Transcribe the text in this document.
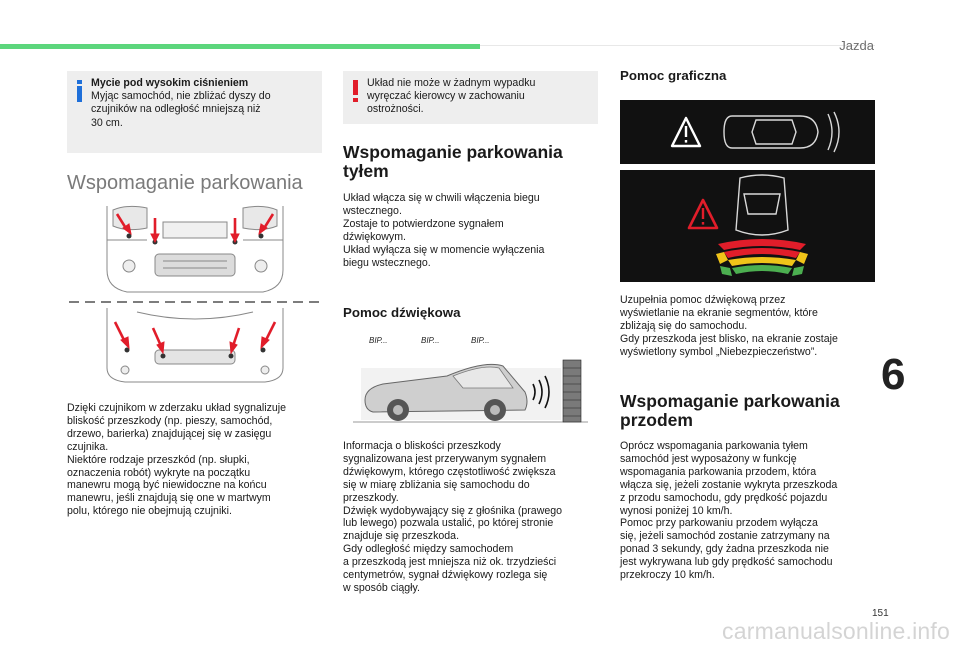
Jazda
Mycie pod wysokim ciśnieniem
Myjąc samochód, nie zbliżać dyszy do
czujników na odległość mniejszą niż
30 cm.
Wspomaganie parkowania
Dzięki czujnikom w zderzaku układ sygnalizuje
bliskość przeszkody (np. pieszy, samochód,
drzewo, barierka) znajdującej się w zasięgu
czujnika.
Niektóre rodzaje przeszkód (np. słupki,
oznaczenia robót) wykryte na początku
manewru mogą być niewidoczne na końcu
manewru, jeśli znajdują się one w martwym
polu, którego nie obejmują czujniki.
Układ nie może w żadnym wypadku
wyręczać kierowcy w zachowaniu
ostrożności.
Wspomaganie parkowania
tyłem
Układ włącza się w chwili włączenia biegu
wstecznego.
Zostaje to potwierdzone sygnałem
dźwiękowym.
Układ wyłącza się w momencie wyłączenia
biegu wstecznego.
Pomoc dźwiękowa
BIP...	BIP...	BIP...
Informacja o bliskości przeszkody
sygnalizowana jest przerywanym sygnałem
dźwiękowym, którego częstotliwość zwiększa
się w miarę zbliżania się samochodu do
przeszkody.
Dźwięk wydobywający się z głośnika (prawego
lub lewego) pozwala ustalić, po której stronie
znajduje się przeszkoda.
Gdy odległość między samochodem
a przeszkodą jest mniejsza niż ok. trzydzieści
centymetrów, sygnał dźwiękowy rozlega się
w sposób ciągły.
Pomoc graficzna
Uzupełnia pomoc dźwiękową przez
wyświetlanie na ekranie segmentów, które
zbliżają się do samochodu.
Gdy przeszkoda jest blisko, na ekranie zostaje
wyświetlony symbol „Niebezpieczeństwo”.
Wspomaganie parkowania
przodem
Oprócz wspomagania parkowania tyłem
samochód jest wyposażony w funkcję
wspomagania parkowania przodem, która
włącza się, jeżeli zostanie wykryta przeszkoda
z przodu samochodu, gdy prędkość pojazdu
wynosi poniżej 10 km/h.
Pomoc przy parkowaniu przodem wyłącza
się, jeżeli samochód zostanie zatrzymany na
ponad 3 sekundy, gdy żadna przeszkoda nie
jest wykrywana lub gdy prędkość samochodu
przekroczy 10 km/h.
6
151
carmanualsonline.info
